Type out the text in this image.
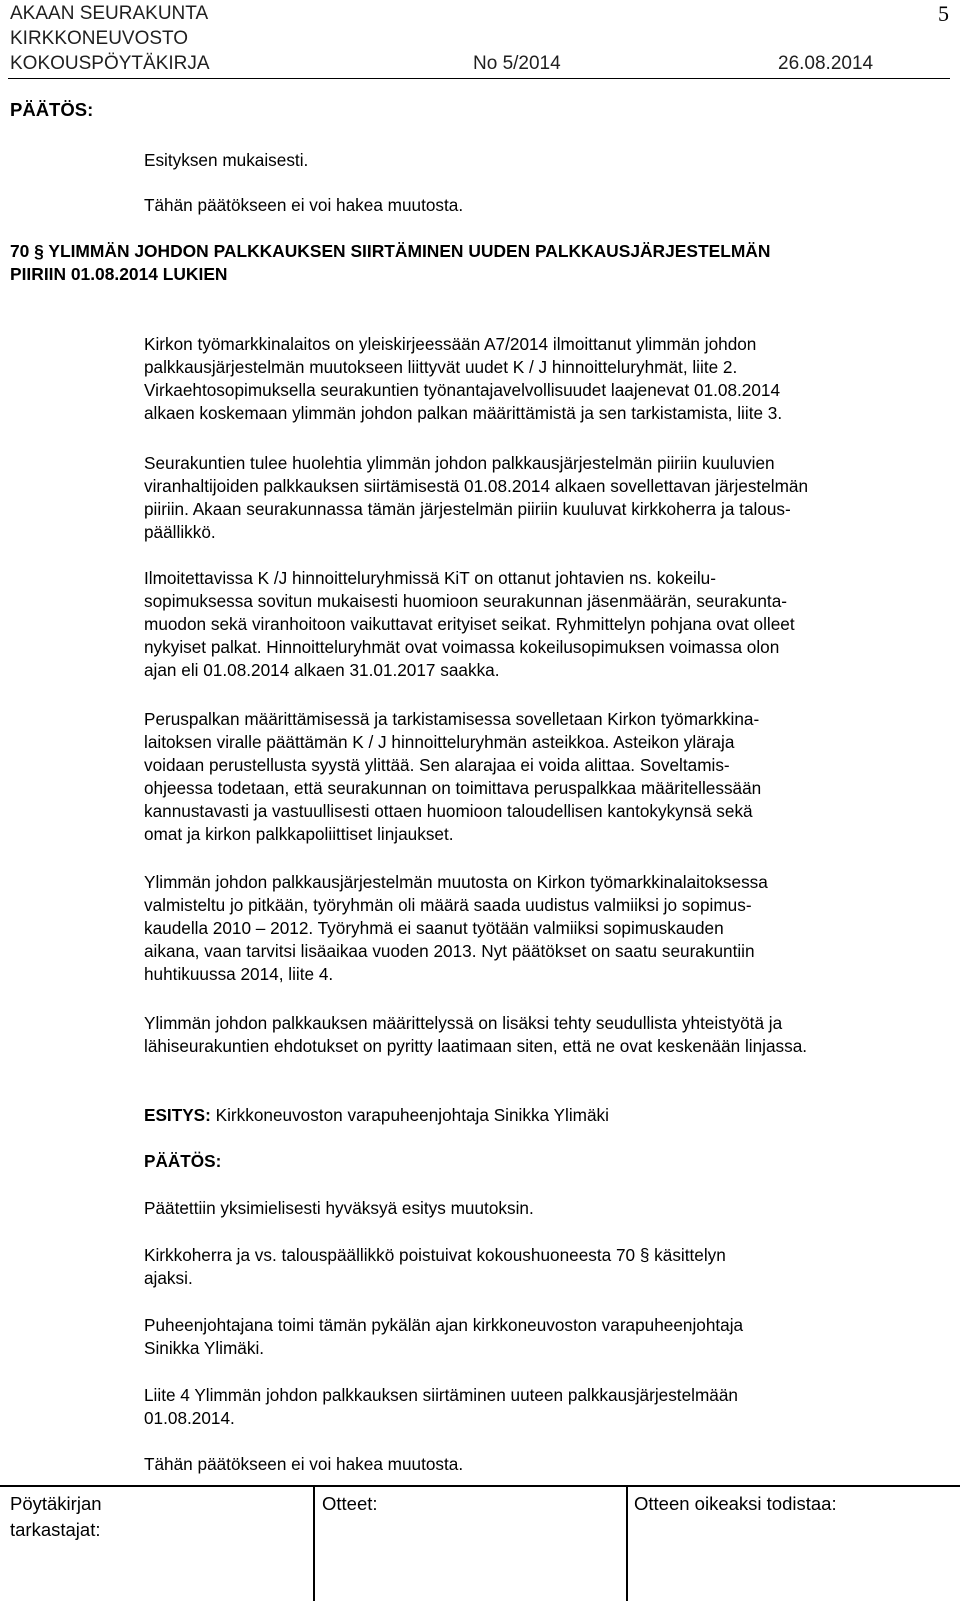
AKAAN SEURAKUNTA
KIRKKONEUVOSTO
KOKOUSPÖYTÄKIRJA	No 5/2014	26.08.2014
5
PÄÄTÖS:
Esityksen mukaisesti.
Tähän päätökseen ei voi hakea muutosta.
70 § YLIMMÄN JOHDON PALKKAUKSEN SIIRTÄMINEN UUDEN PALKKAUSJÄRJESTELMÄN
PIIRIIN 01.08.2014 LUKIEN
Kirkon työmarkkinalaitos on yleiskirjeessään A7/2014 ilmoittanut ylimmän johdon
palkkausjärjestelmän muutokseen liittyvät uudet K / J hinnoitteluryhmät, liite 2.
Virkaehtosopimuksella seurakuntien työnantajavelvollisuudet laajenevat 01.08.2014
alkaen koskemaan ylimmän johdon palkan määrittämistä ja sen tarkistamista, liite 3.
Seurakuntien tulee huolehtia ylimmän johdon palkkausjärjestelmän piiriin kuuluvien
viranhaltijoiden palkkauksen siirtämisestä 01.08.2014 alkaen sovellettavan järjestelmän
piiriin. Akaan seurakunnassa tämän järjestelmän piiriin kuuluvat kirkkoherra ja talous-
päällikkö.
Ilmoitettavissa K /J hinnoitteluryhmissä KiT on ottanut johtavien ns. kokeilu-
sopimuksessa sovitun mukaisesti huomioon seurakunnan jäsenmäärän, seurakunta-
muodon sekä viranhoitoon vaikuttavat erityiset seikat. Ryhmittelyn pohjana ovat olleet
nykyiset palkat. Hinnoitteluryhmät ovat voimassa kokeilusopimuksen voimassa olon
ajan eli 01.08.2014 alkaen 31.01.2017 saakka.
Peruspalkan määrittämisessä ja tarkistamisessa sovelletaan Kirkon työmarkkina-
laitoksen viralle päättämän K / J hinnoitteluryhmän asteikkoa. Asteikon yläraja
voidaan perustellusta syystä ylittää. Sen alarajaa ei voida alittaa. Soveltamis-
ohjeessa todetaan, että seurakunnan on toimittava peruspalkkaa määritellessään
kannustavasti ja vastuullisesti ottaen huomioon taloudellisen kantokykynsä sekä
omat ja kirkon palkkapoliittiset linjaukset.
Ylimmän johdon palkkausjärjestelmän muutosta on Kirkon työmarkkinalaitoksessa
valmisteltu jo pitkään, työryhmän oli määrä saada uudistus valmiiksi jo sopimus-
kaudella 2010 – 2012. Työryhmä ei saanut työtään valmiiksi sopimuskauden
aikana, vaan tarvitsi lisäaikaa vuoden 2013. Nyt päätökset on saatu seurakuntiin
huhtikuussa 2014, liite 4.
Ylimmän johdon palkkauksen määrittelyssä on lisäksi tehty seudullista yhteistyötä ja
lähiseurakuntien ehdotukset on pyritty laatimaan siten, että ne ovat keskenään linjassa.
ESITYS: Kirkkoneuvoston varapuheenjohtaja Sinikka Ylimäki
PÄÄTÖS:
Päätettiin yksimielisesti hyväksyä esitys muutoksin.
Kirkkoherra ja vs. talouspäällikkö poistuivat kokoushuoneesta 70 § käsittelyn
ajaksi.
Puheenjohtajana toimi tämän pykälän ajan kirkkoneuvoston varapuheenjohtaja
Sinikka Ylimäki.
Liite 4 Ylimmän johdon palkkauksen siirtäminen uuteen palkkausjärjestelmään
01.08.2014.
Tähän päätökseen ei voi hakea muutosta.
Pöytäkirjan
tarkastajat:
Otteet:	Otteen oikeaksi todistaa:
